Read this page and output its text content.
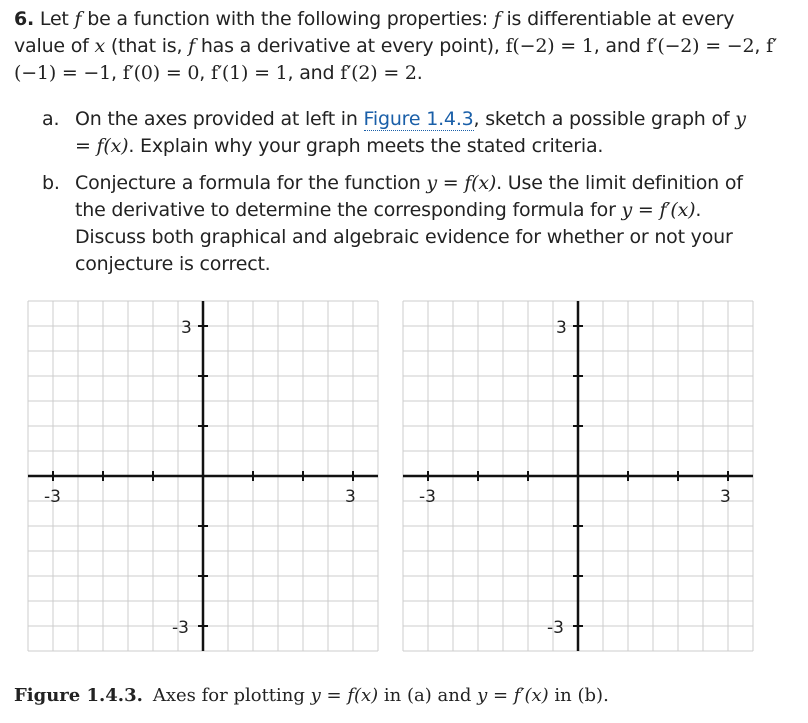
6. Let f be a function with the following properties: f is differentiable at every value of x (that is, f has a derivative at every point), f(−2) = 1, and f′(−2) = −2, f′(−1) = −1, f′(0) = 0, f′(1) = 1, and f′(2) = 2.
a. On the axes provided at left in Figure 1.4.3, sketch a possible graph of y = f(x). Explain why your graph meets the stated criteria.
b. Conjecture a formula for the function y = f(x). Use the limit definition of the derivative to determine the corresponding formula for y = f′(x). Discuss both graphical and algebraic evidence for whether or not your conjecture is correct.
-3	3
3
-3
-3	3
3
-3
Figure 1.4.3. Axes for plotting y = f(x) in (a) and y = f′(x) in (b).
